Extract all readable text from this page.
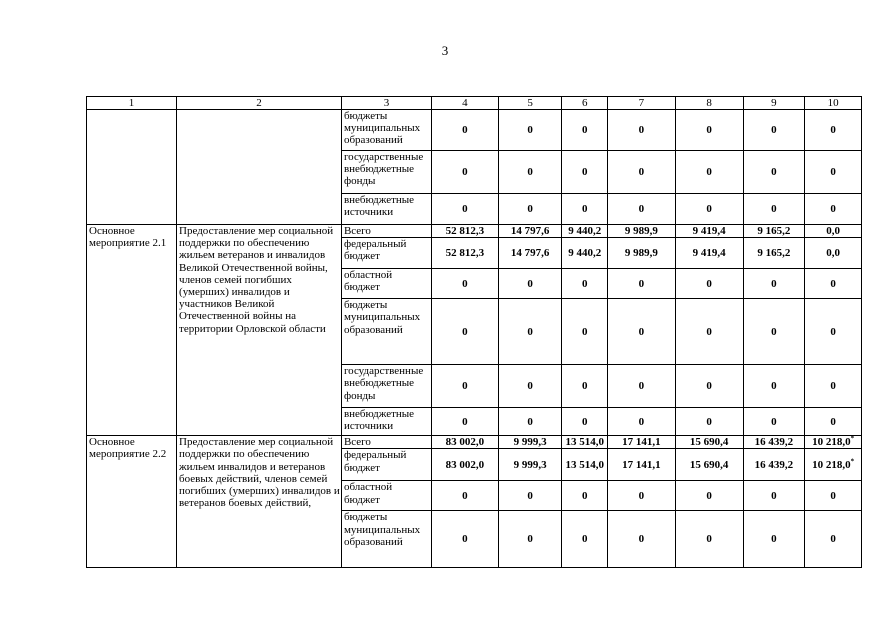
3
1	2	3	4	5	6	7	8	9	10
		бюджеты муниципальных образований	0	0	0	0	0	0	0
		государственные внебюджетные фонды	0	0	0	0	0	0	0
		внебюджетные источники	0	0	0	0	0	0	0
Основное мероприятие 2.1	Предоставление мер социальной поддержки по обеспечению жильем ветеранов и инвалидов Великой Отечественной войны, членов семей погибших (умерших) инвалидов и участников Великой Отечественной войны на территории Орловской области	Всего	52 812,3	14 797,6	9 440,2	9 989,9	9 419,4	9 165,2	0,0
		федеральный бюджет	52 812,3	14 797,6	9 440,2	9 989,9	9 419,4	9 165,2	0,0
		областной бюджет	0	0	0	0	0	0	0
		бюджеты муниципальных образований	0	0	0	0	0	0	0
		государственные внебюджетные фонды	0	0	0	0	0	0	0
		внебюджетные источники	0	0	0	0	0	0	0
Основное мероприятие 2.2	Предоставление мер социальной поддержки по обеспечению жильем инвалидов и ветеранов боевых действий, членов семей погибших (умерших) инвалидов и ветеранов боевых действий,	Всего	83 002,0	9 999,3	13 514,0	17 141,1	15 690,4	16 439,2	10 218,0*
		федеральный бюджет	83 002,0	9 999,3	13 514,0	17 141,1	15 690,4	16 439,2	10 218,0*
		областной бюджет	0	0	0	0	0	0	0
		бюджеты муниципальных образований	0	0	0	0	0	0	0
